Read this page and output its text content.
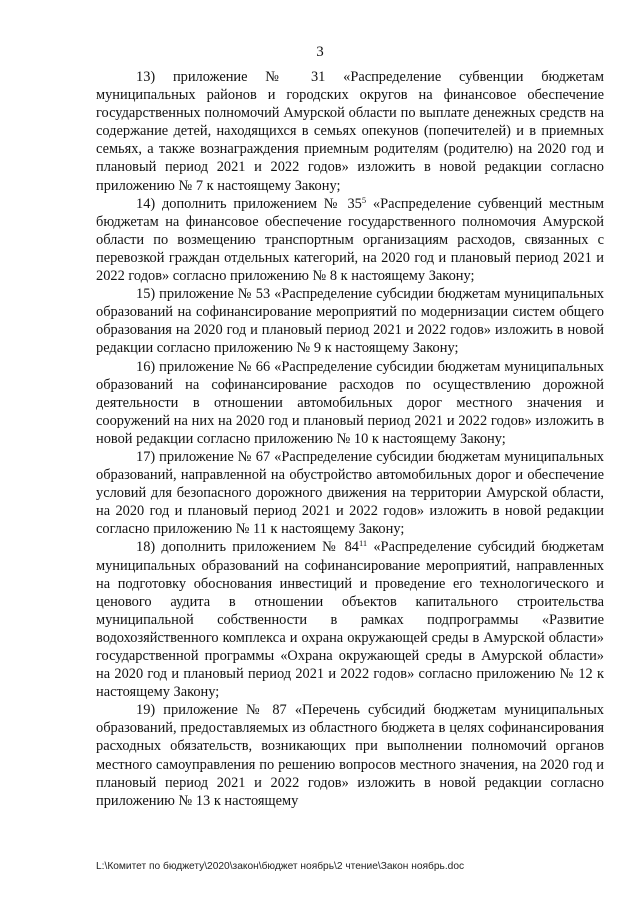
3

13) приложение № 31 «Распределение субвенции бюджетам муниципальных районов и городских округов на финансовое обеспечение государственных полномочий Амурской области по выплате денежных средств на содержание детей, находящихся в семьях опекунов (попечителей) и в приемных семьях, а также вознаграждения приемным родителям (родителю) на 2020 год и плановый период 2021 и 2022 годов» изложить в новой редакции согласно приложению № 7 к настоящему Закону;

14) дополнить приложением № $35^5$ «Распределение субвенций местным бюджетам на финансовое обеспечение государственного полномочия Амурской области по возмещению транспортным организациям расходов, связанных с перевозкой граждан отдельных категорий, на 2020 год и плановый период 2021 и 2022 годов» согласно приложению № 8 к настоящему Закону;

15) приложение № 53 «Распределение субсидии бюджетам муниципальных образований на софинансирование мероприятий по модернизации систем общего образования на 2020 год и плановый период 2021 и 2022 годов» изложить в новой редакции согласно приложению № 9 к настоящему Закону;

16) приложение № 66 «Распределение субсидии бюджетам муниципальных образований на софинансирование расходов по осуществлению дорожной деятельности в отношении автомобильных дорог местного значения и сооружений на них на 2020 год и плановый период 2021 и 2022 годов» изложить в новой редакции согласно приложению № 10 к настоящему Закону;

17) приложение № 67 «Распределение субсидии бюджетам муниципальных образований, направленной на обустройство автомобильных дорог и обеспечение условий для безопасного дорожного движения на территории Амурской области, на 2020 год и плановый период 2021 и 2022 годов» изложить в новой редакции согласно приложению № 11 к настоящему Закону;

18) дополнить приложением № $84^{11}$ «Распределение субсидий бюджетам муниципальных образований на софинансирование мероприятий, направленных на подготовку обоснования инвестиций и проведение его технологического и ценового аудита в отношении объектов капитального строительства муниципальной собственности в рамках подпрограммы «Развитие водохозяйственного комплекса и охрана окружающей среды в Амурской области» государственной программы «Охрана окружающей среды в Амурской области» на 2020 год и плановый период 2021 и 2022 годов» согласно приложению № 12 к настоящему Закону;

19) приложение № 87 «Перечень субсидий бюджетам муниципальных образований, предоставляемых из областного бюджета в целях софинансирования расходных обязательств, возникающих при выполнении полномочий органов местного самоуправления по решению вопросов местного значения, на 2020 год и плановый период 2021 и 2022 годов» изложить в новой редакции согласно приложению № 13 к настоящему

L:\Комитет по бюджету\2020\закон\бюджет ноябрь\2 чтение\Закон ноябрь.doc
